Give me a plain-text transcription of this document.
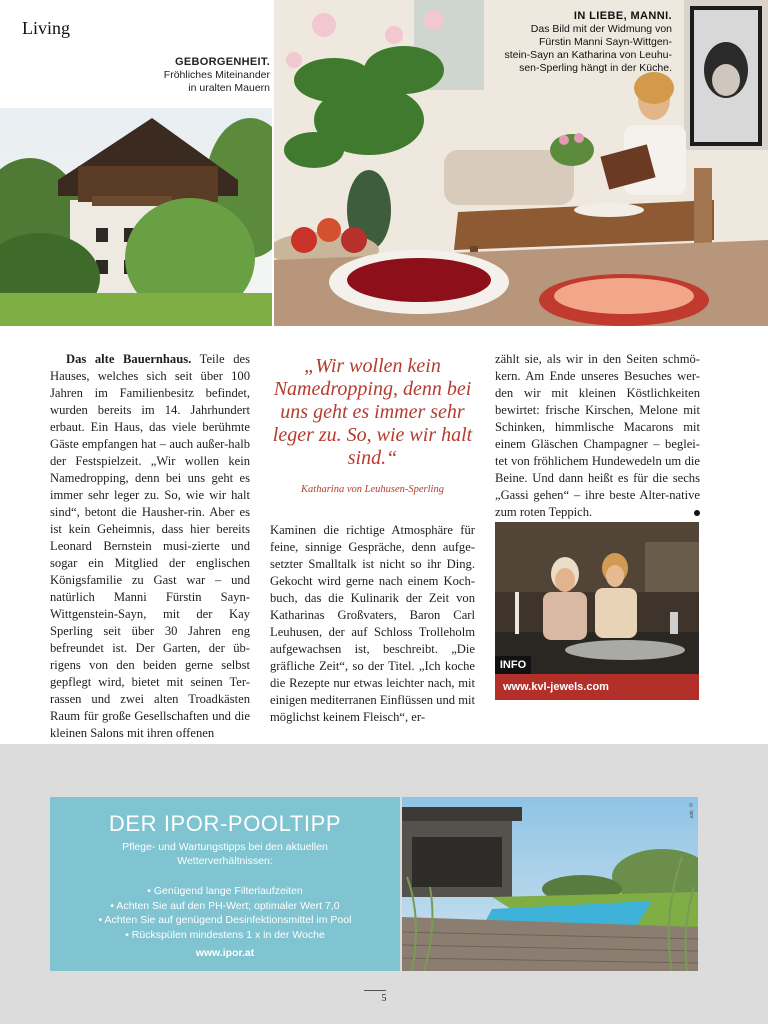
Living
GEBORGENHEIT.
Fröhliches Miteinander
in uralten Mauern
IN LIEBE, MANNI.
Das Bild mit der Widmung von
Fürstin Manni Sayn-Wittgen-
stein-Sayn an Katharina von Leuhu-
sen-Sperling hängt in der Küche.
Das alte Bauernhaus. Teile des Hauses, welches sich seit über 100 Jahren im Familienbesitz befindet, wurden bereits im 14. Jahrhundert erbaut. Ein Haus, das viele berühmte Gäste empfangen hat – auch außer-halb der Festspielzeit. „Wir wollen kein Namedropping, denn bei uns geht es immer sehr leger zu. So, wie wir halt sind“, betont die Hausher-rin. Aber es ist kein Geheimnis, dass hier bereits Leonard Bernstein musi-zierte und sogar ein Mitglied der englischen Königsfamilie zu Gast war – und natürlich Manni Fürstin Sayn-Wittgenstein-Sayn, mit der Kay Sperling seit über 30 Jahren eng befreundet ist. Der Garten, der üb-rigens von den beiden gerne selbst gepflegt wird, bietet mit seinen Ter-rassen und zwei alten Troadkästen Raum für große Gesellschaften und die kleinen Salons mit ihren offenen
„Wir wollen kein Namedropping, denn bei uns geht es immer sehr leger zu. So, wie wir halt sind.“
Katharina von Leuhusen-Sperling
Kaminen die richtige Atmosphäre für feine, sinnige Gespräche, denn aufge-setzter Smalltalk ist nicht so ihr Ding. Gekocht wird gerne nach einem Koch-buch, das die Kulinarik der Zeit von Katharinas Großvaters, Baron Carl Leuhusen, der auf Schloss Trolleholm aufgewachsen ist, beschreibt. „Die gräfliche Zeit“, so der Titel. „Ich koche die Rezepte nur etwas leichter nach, mit einigen mediterranen Einflüssen und mit möglichst keinem Fleisch“, er-
zählt sie, als wir in den Seiten schmö-kern. Am Ende unseres Besuches wer-den wir mit kleinen Köstlichkeiten bewirtet: frische Kirschen, Melone mit Schinken, himmlische Macarons mit einem Gläschen Champagner – beglei-tet von fröhlichem Hundewedeln um die Beine. Und dann heißt es für die sechs „Gassi gehen“ – ihre beste Alter-native zum roten Teppich.
INFO
www.kvl-jewels.com
DER IPOR-POOLTIPP
Pflege- und Wartungstipps bei den aktuellen Wetterverhältnissen:
• Genügend lange Filterlaufzeiten
• Achten Sie auf den PH-Wert; optimaler Wert 7,0
• Achten Sie auf genügend Desinfektionsmittel im Pool
• Rückspülen mindestens 1 x in der Woche
www.ipor.at
© ipor
5
